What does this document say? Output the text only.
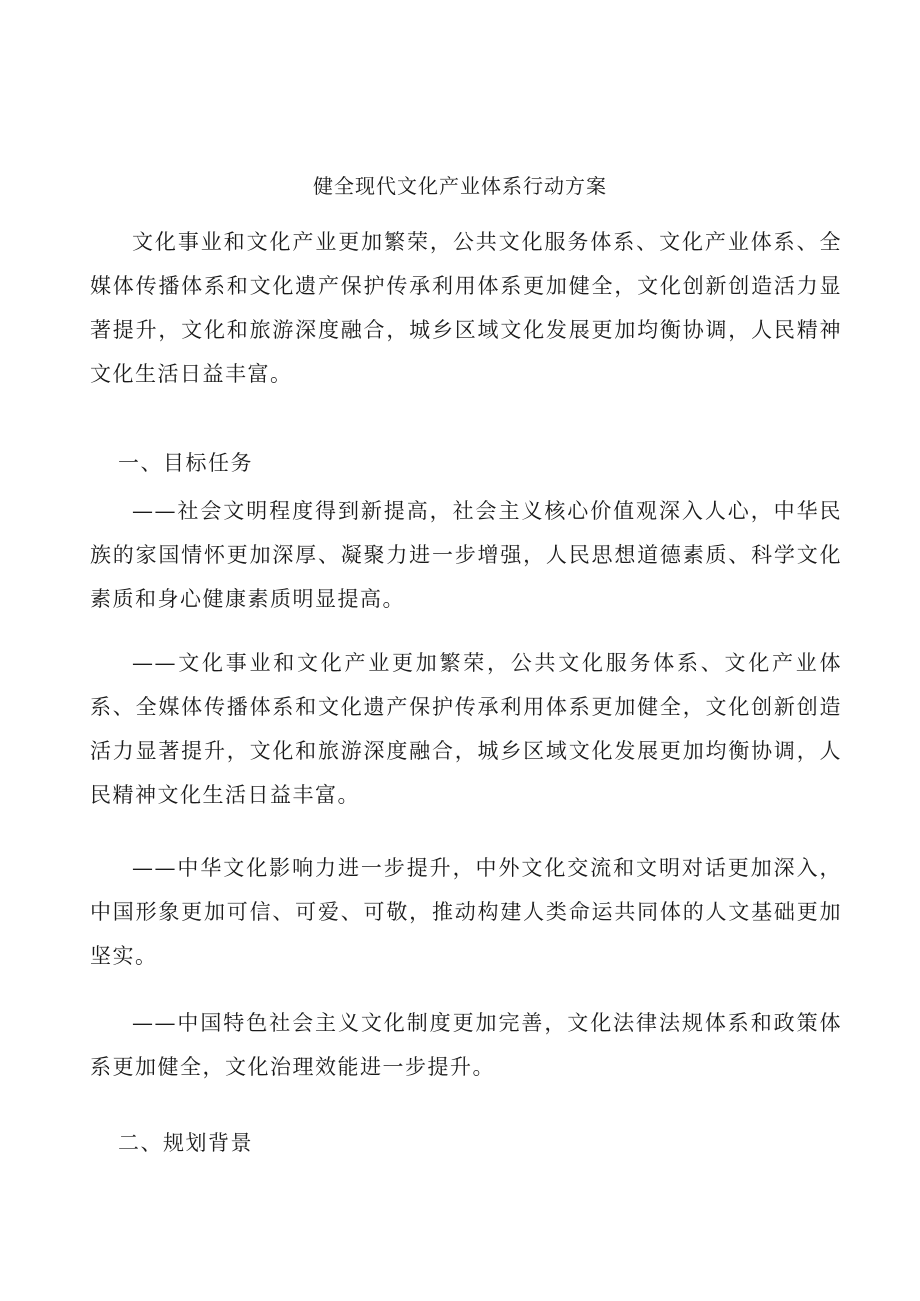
健全现代文化产业体系行动方案

文化事业和文化产业更加繁荣，公共文化服务体系、文化产业体系、全媒体传播体系和文化遗产保护传承利用体系更加健全，文化创新创造活力显著提升，文化和旅游深度融合，城乡区域文化发展更加均衡协调，人民精神文化生活日益丰富。

一、目标任务

——社会文明程度得到新提高，社会主义核心价值观深入人心，中华民族的家国情怀更加深厚、凝聚力进一步增强，人民思想道德素质、科学文化素质和身心健康素质明显提高。

——文化事业和文化产业更加繁荣，公共文化服务体系、文化产业体系、全媒体传播体系和文化遗产保护传承利用体系更加健全，文化创新创造活力显著提升，文化和旅游深度融合，城乡区域文化发展更加均衡协调，人民精神文化生活日益丰富。

——中华文化影响力进一步提升，中外文化交流和文明对话更加深入，中国形象更加可信、可爱、可敬，推动构建人类命运共同体的人文基础更加坚实。

——中国特色社会主义文化制度更加完善，文化法律法规体系和政策体系更加健全，文化治理效能进一步提升。

二、规划背景
